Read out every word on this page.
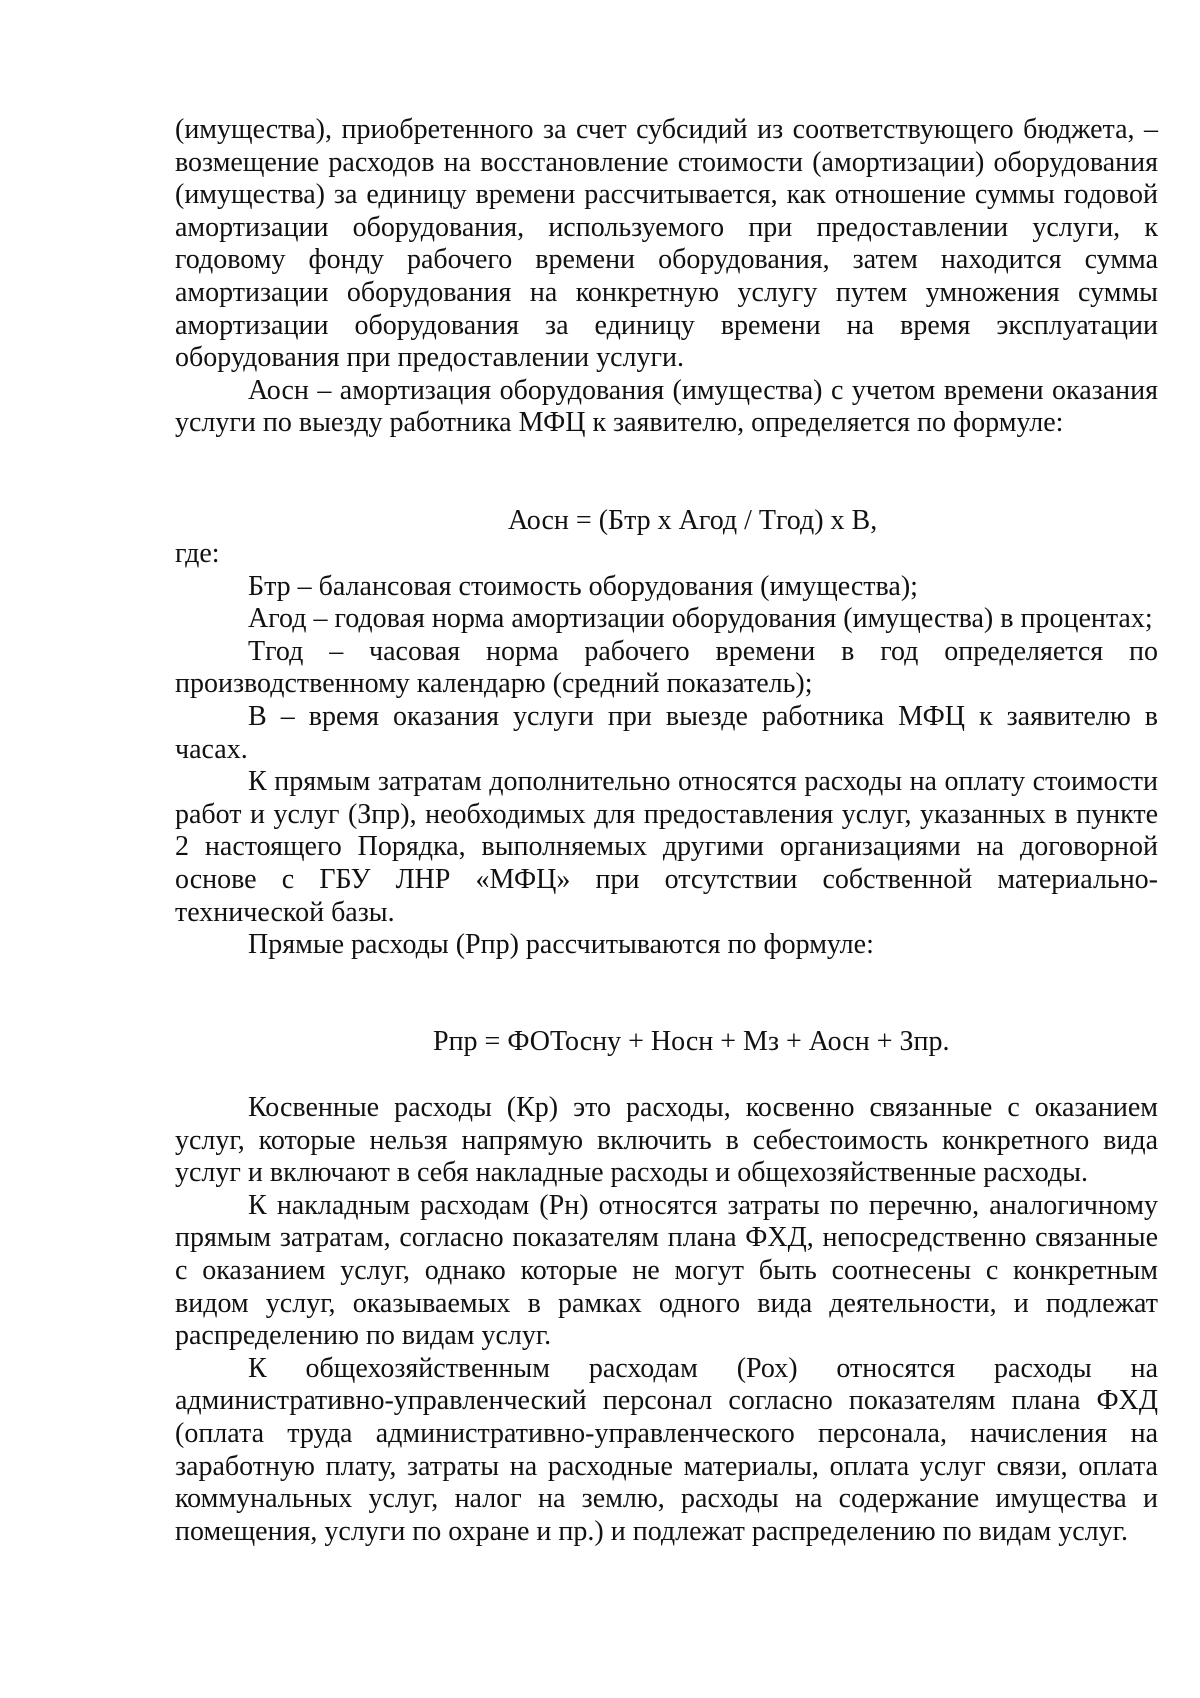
(имущества), приобретенного за счет субсидий из соответствующего бюджета, – возмещение расходов на восстановление стоимости (амортизации) оборудования (имущества) за единицу времени рассчитывается, как отношение суммы годовой амортизации оборудования, используемого при предоставлении услуги, к годовому фонду рабочего времени оборудования, затем находится сумма амортизации оборудования на конкретную услугу путем умножения суммы амортизации оборудования за единицу времени на время эксплуатации оборудования при предоставлении услуги.

Аосн – амортизация оборудования (имущества) с учетом времени оказания услуги по выезду работника МФЦ к заявителю, определяется по формуле:

Аосн = (Бтр х Агод / Тгод) х В,

где:

Бтр – балансовая стоимость оборудования (имущества);

Агод – годовая норма амортизации оборудования (имущества) в процентах;

Тгод – часовая норма рабочего времени в год определяется по производственному календарю (средний показатель);

В – время оказания услуги при выезде работника МФЦ к заявителю в часах.

К прямым затратам дополнительно относятся расходы на оплату стоимости работ и услуг (Зпр), необходимых для предоставления услуг, указанных в пункте 2 настоящего Порядка, выполняемых другими организациями на договорной основе с ГБУ ЛНР «МФЦ» при отсутствии собственной материально-технической базы.

Прямые расходы (Рпр) рассчитываются по формуле:

Рпр = ФОТосну + Носн + Мз + Аосн + Зпр.

Косвенные расходы (Кр) это расходы, косвенно связанные с оказанием услуг, которые нельзя напрямую включить в себестоимость конкретного вида услуг и включают в себя накладные расходы и общехозяйственные расходы.

К накладным расходам (Рн) относятся затраты по перечню, аналогичному прямым затратам, согласно показателям плана ФХД, непосредственно связанные с оказанием услуг, однако которые не могут быть соотнесены с конкретным видом услуг, оказываемых в рамках одного вида деятельности, и подлежат распределению по видам услуг.

К общехозяйственным расходам (Рох) относятся расходы на административно-управленческий персонал согласно показателям плана ФХД (оплата труда административно-управленческого персонала, начисления на заработную плату, затраты на расходные материалы, оплата услуг связи, оплата коммунальных услуг, налог на землю, расходы на содержание имущества и помещения, услуги по охране и пр.) и подлежат распределению по видам услуг.
